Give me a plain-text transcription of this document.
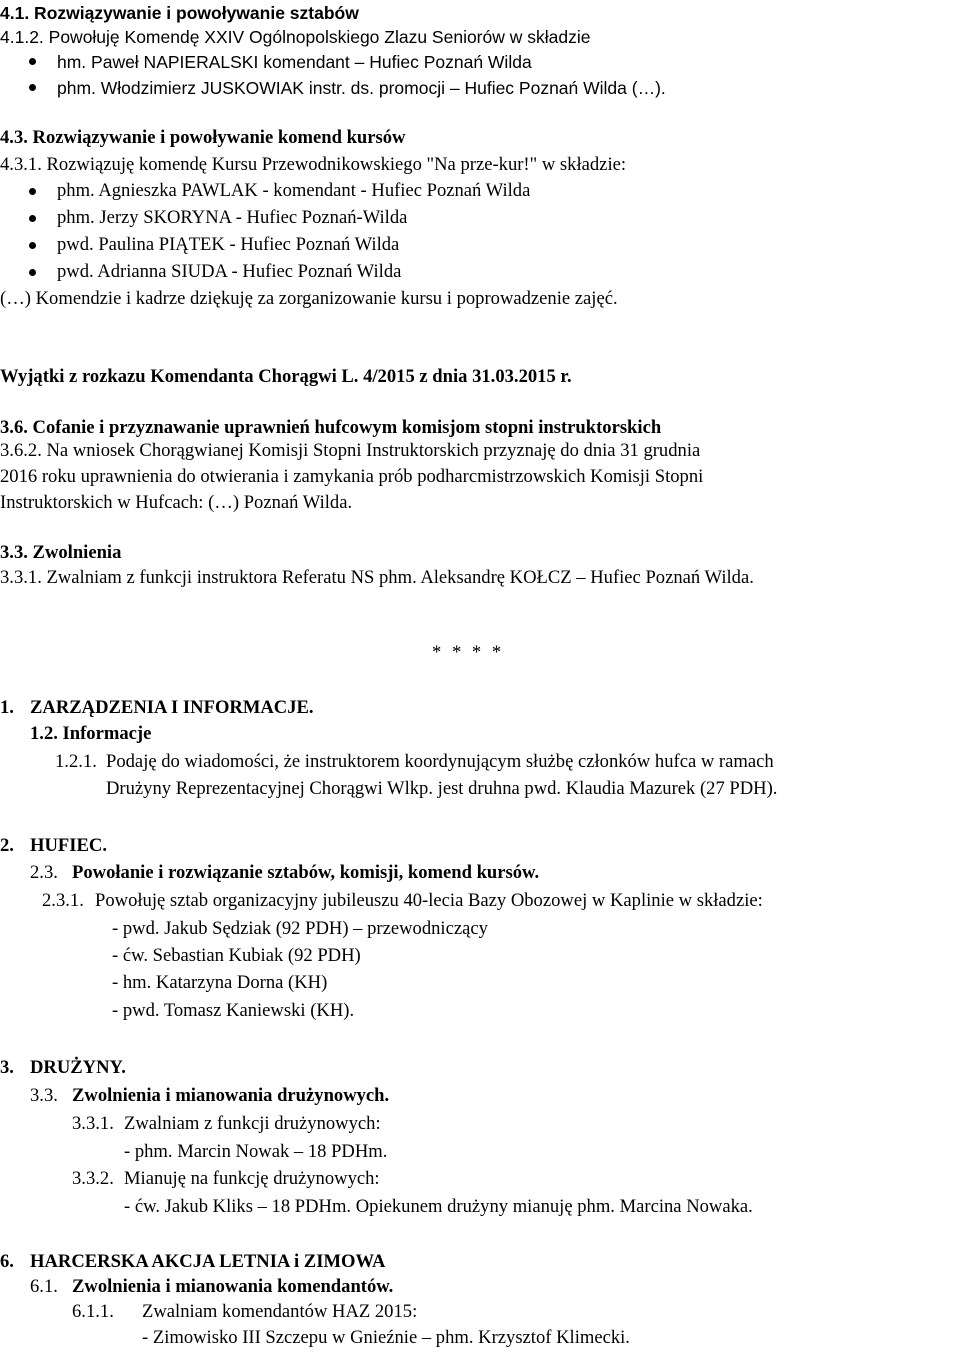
4.1. Rozwiązywanie i powoływanie sztabów
4.1.2. Powołuję Komendę XXIV Ogólnopolskiego Zlazu Seniorów w składzie
hm. Paweł NAPIERALSKI komendant – Hufiec Poznań Wilda
phm. Włodzimierz JUSKOWIAK instr. ds. promocji – Hufiec Poznań Wilda (…).
4.3. Rozwiązywanie i powoływanie komend kursów
4.3.1. Rozwiązuję komendę Kursu Przewodnikowskiego "Na prze-kur!" w składzie:
phm. Agnieszka PAWLAK - komendant - Hufiec Poznań Wilda
phm. Jerzy SKORYNA - Hufiec Poznań-Wilda
pwd. Paulina PIĄTEK - Hufiec Poznań Wilda
pwd. Adrianna SIUDA - Hufiec Poznań Wilda
(…) Komendzie i kadrze dziękuję za zorganizowanie kursu i poprowadzenie zajęć.
Wyjątki z rozkazu Komendanta Chorągwi L. 4/2015 z dnia 31.03.2015 r.
3.6. Cofanie i przyznawanie uprawnień hufcowym komisjom stopni instruktorskich
3.6.2. Na wniosek Chorągwianej Komisji Stopni Instruktorskich przyznaję do dnia 31 grudnia
2016 roku uprawnienia do otwierania i zamykania prób podharcmistrzowskich Komisji Stopni
Instruktorskich w Hufcach: (…) Poznań Wilda.
3.3. Zwolnienia
3.3.1. Zwalniam z funkcji instruktora Referatu NS phm. Aleksandrę KOŁCZ – Hufiec Poznań Wilda.
* * * *
1. ZARZĄDZENIA I INFORMACJE.
1.2. Informacje
1.2.1. Podaję do wiadomości, że instruktorem koordynującym służbę członków hufca w ramach
Drużyny Reprezentacyjnej Chorągwi Wlkp. jest druhna pwd. Klaudia Mazurek (27 PDH).
2. HUFIEC.
2.3. Powołanie i rozwiązanie sztabów, komisji, komend kursów.
2.3.1. Powołuję sztab organizacyjny jubileuszu 40-lecia Bazy Obozowej w Kaplinie w składzie:
- pwd. Jakub Sędziak (92 PDH) – przewodniczący
- ćw. Sebastian Kubiak (92 PDH)
- hm. Katarzyna Dorna (KH)
- pwd. Tomasz Kaniewski (KH).
3. DRUŻYNY.
3.3. Zwolnienia i mianowania drużynowych.
3.3.1. Zwalniam z funkcji drużynowych:
- phm. Marcin Nowak – 18 PDHm.
3.3.2. Mianuję na funkcję drużynowych:
- ćw. Jakub Kliks – 18 PDHm. Opiekunem drużyny mianuję phm. Marcina Nowaka.
6. HARCERSKA AKCJA LETNIA i ZIMOWA
6.1. Zwolnienia i mianowania komendantów.
6.1.1. Zwalniam komendantów HAZ 2015:
- Zimowisko III Szczepu w Gnieźnie – phm. Krzysztof Klimecki.
